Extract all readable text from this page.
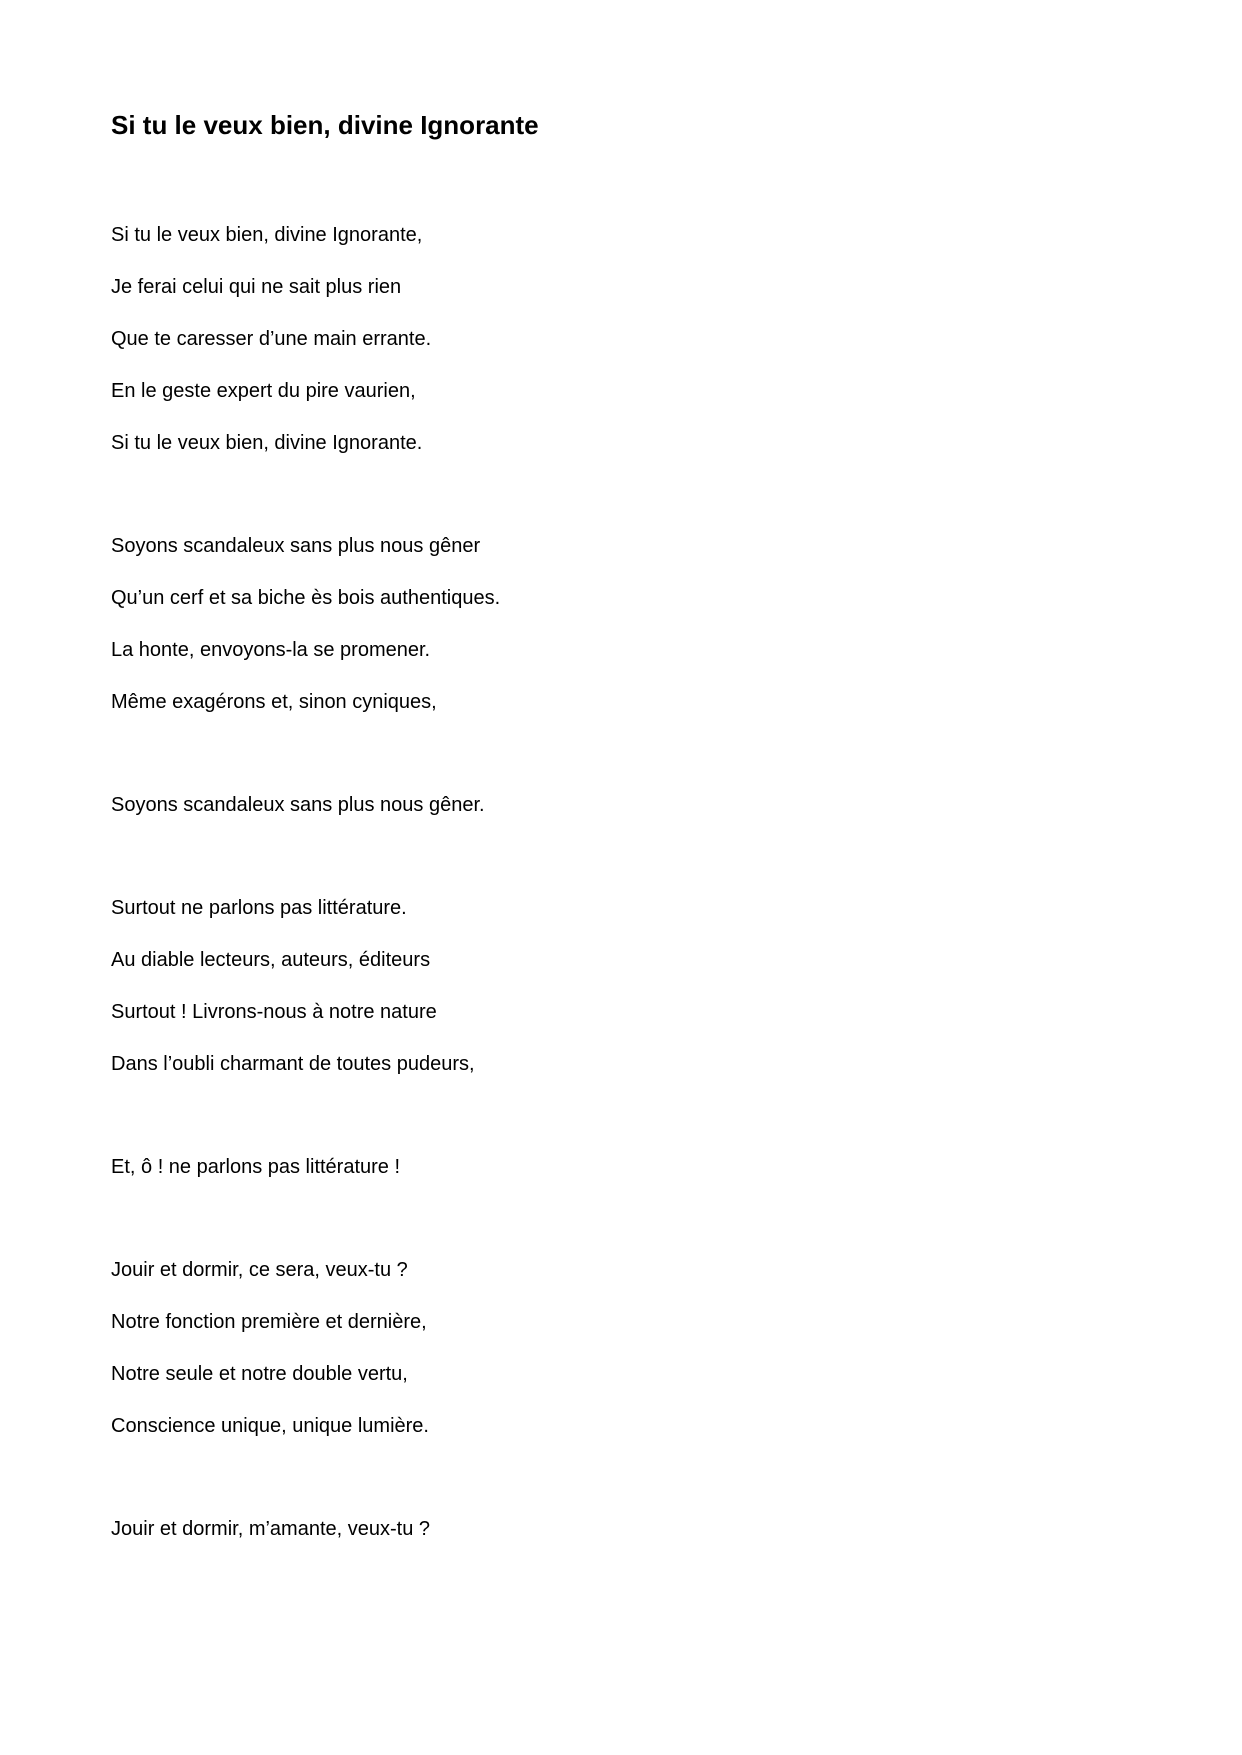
Si tu le veux bien, divine Ignorante

Si tu le veux bien, divine Ignorante,

Je ferai celui qui ne sait plus rien

Que te caresser d’une main errante.

En le geste expert du pire vaurien,

Si tu le veux bien, divine Ignorante.

Soyons scandaleux sans plus nous gêner

Qu’un cerf et sa biche ès bois authentiques.

La honte, envoyons-la se promener.

Même exagérons et, sinon cyniques,

Soyons scandaleux sans plus nous gêner.

Surtout ne parlons pas littérature.

Au diable lecteurs, auteurs, éditeurs

Surtout ! Livrons-nous à notre nature

Dans l’oubli charmant de toutes pudeurs,

Et, ô ! ne parlons pas littérature !

Jouir et dormir, ce sera, veux-tu ?

Notre fonction première et dernière,

Notre seule et notre double vertu,

Conscience unique, unique lumière.

Jouir et dormir, m’amante, veux-tu ?
